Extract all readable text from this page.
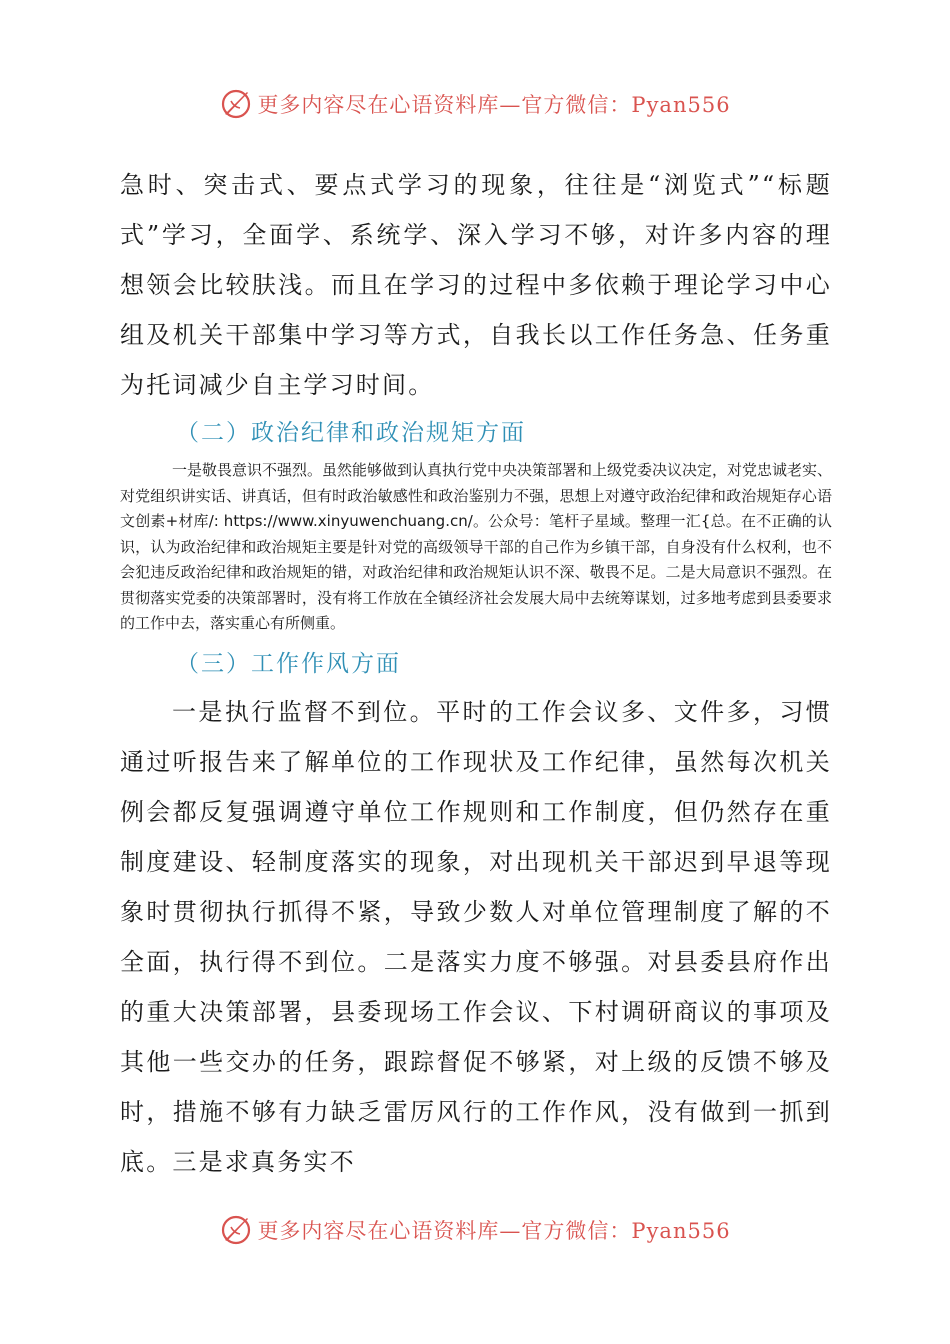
更多内容尽在心语资料库—官方微信：Pyan556

急时、突击式、要点式学习的现象，往往是“浏览式”“标题式”学习，全面学、系统学、深入学习不够，对许多内容的理想领会比较肤浅。而且在学习的过程中多依赖于理论学习中心组及机关干部集中学习等方式，自我长以工作任务急、任务重为托词减少自主学习时间。

（二）政治纪律和政治规矩方面

一是敬畏意识不强烈。虽然能够做到认真执行党中央决策部署和上级党委决议决定，对党忠诚老实、对党组织讲实话、讲真话，但有时政治敏感性和政治鉴别力不强，思想上对遵守政治纪律和政治规矩存心语文创素+材库/: https://www.xinyuwenchuang.cn/。公众号：笔杆子星域。整理一汇{总。在不正确的认识，认为政治纪律和政治规矩主要是针对党的高级领导干部的自己作为乡镇干部，自身没有什么权利，也不会犯违反政治纪律和政治规矩的错，对政治纪律和政治规矩认识不深、敬畏不足。二是大局意识不强烈。在贯彻落实党委的决策部署时，没有将工作放在全镇经济社会发展大局中去统筹谋划，过多地考虑到县委要求的工作中去，落实重心有所侧重。

（三）工作作风方面

一是执行监督不到位。平时的工作会议多、文件多，习惯通过听报告来了解单位的工作现状及工作纪律，虽然每次机关例会都反复强调遵守单位工作规则和工作制度，但仍然存在重制度建设、轻制度落实的现象，对出现机关干部迟到早退等现象时贯彻执行抓得不紧，导致少数人对单位管理制度了解的不全面，执行得不到位。二是落实力度不够强。对县委县府作出的重大决策部署，县委现场工作会议、下村调研商议的事项及其他一些交办的任务，跟踪督促不够紧，对上级的反馈不够及时，措施不够有力缺乏雷厉风行的工作作风，没有做到一抓到底。三是求真务实不

更多内容尽在心语资料库—官方微信：Pyan556
